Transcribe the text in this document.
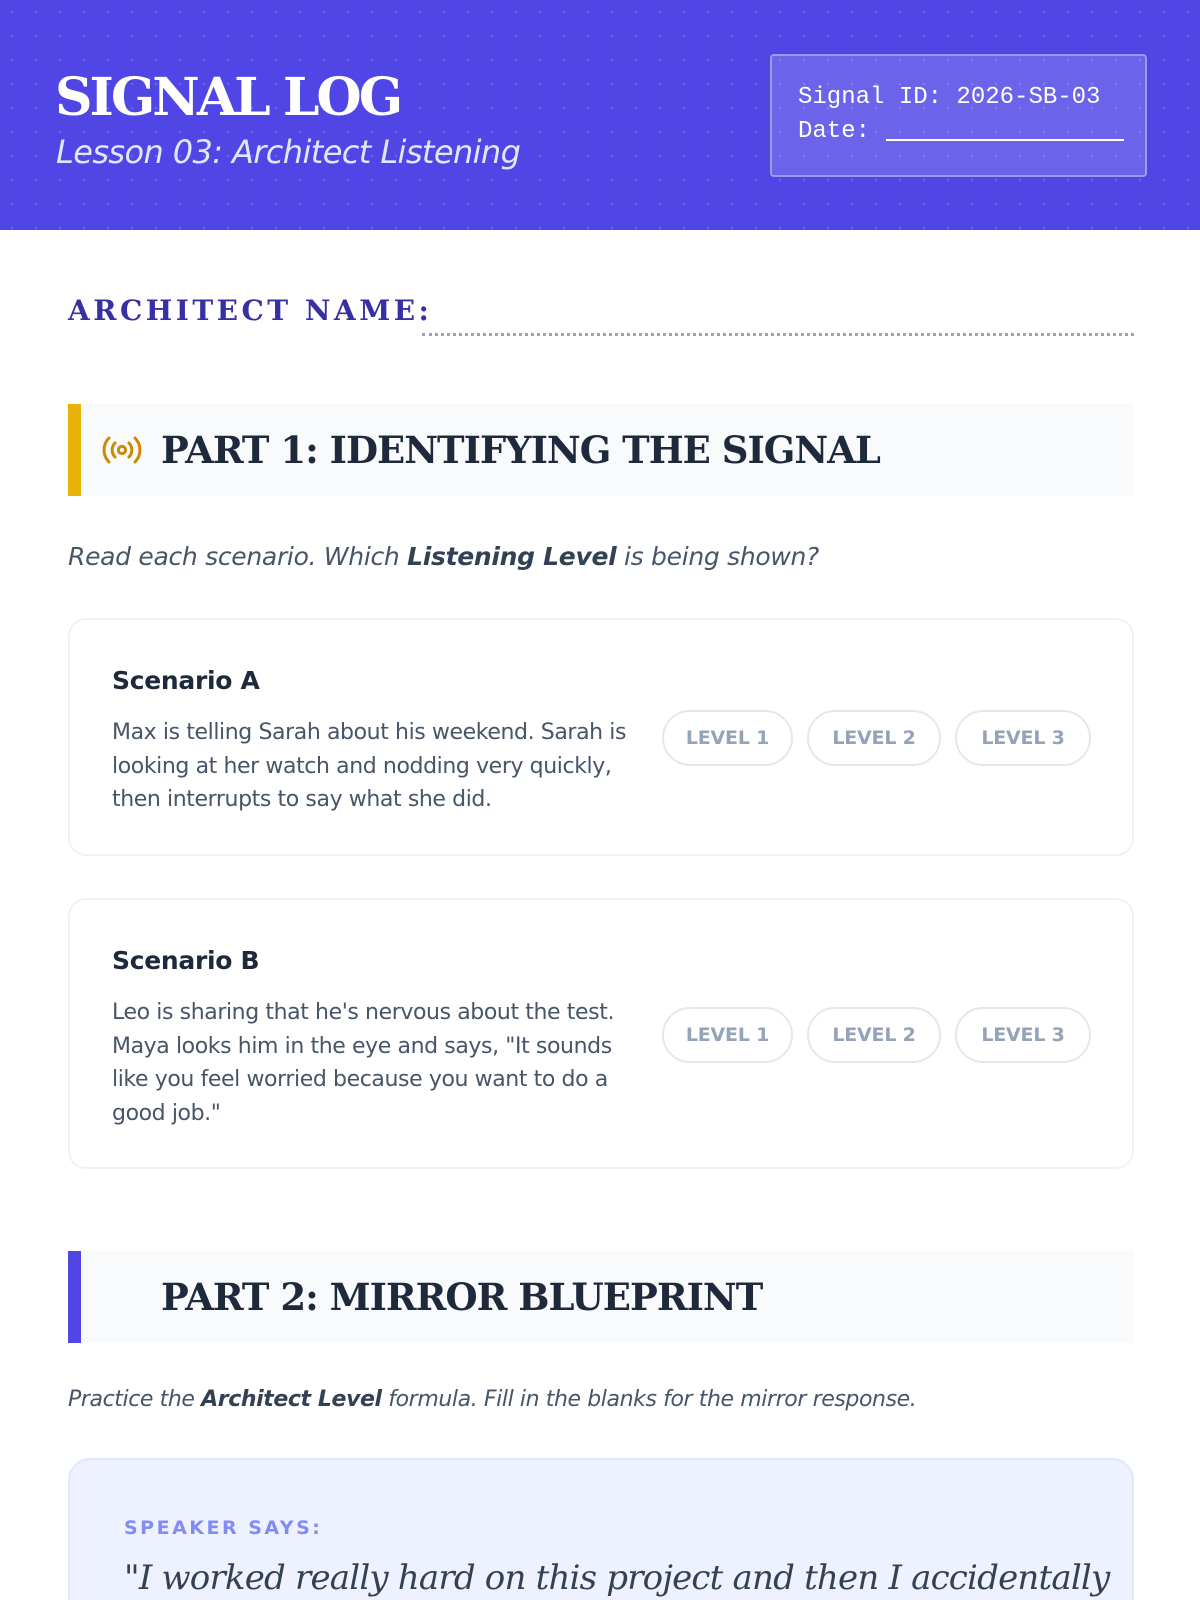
SIGNAL LOG
Lesson 03: Architect Listening
Signal ID: 2026-SB-03
Date:
ARCHITECT NAME:
PART 1: IDENTIFYING THE SIGNAL
Read each scenario. Which Listening Level is being shown?
Scenario A
Max is telling Sarah about his weekend. Sarah is looking at her watch and nodding very quickly, then interrupts to say what she did.
LEVEL 1	LEVEL 2	LEVEL 3
Scenario B
Leo is sharing that he's nervous about the test. Maya looks him in the eye and says, "It sounds like you feel worried because you want to do a good job."
LEVEL 1	LEVEL 2	LEVEL 3
PART 2: MIRROR BLUEPRINT
Practice the Architect Level formula. Fill in the blanks for the mirror response.
SPEAKER SAYS:
"I worked really hard on this project and then I accidentally
